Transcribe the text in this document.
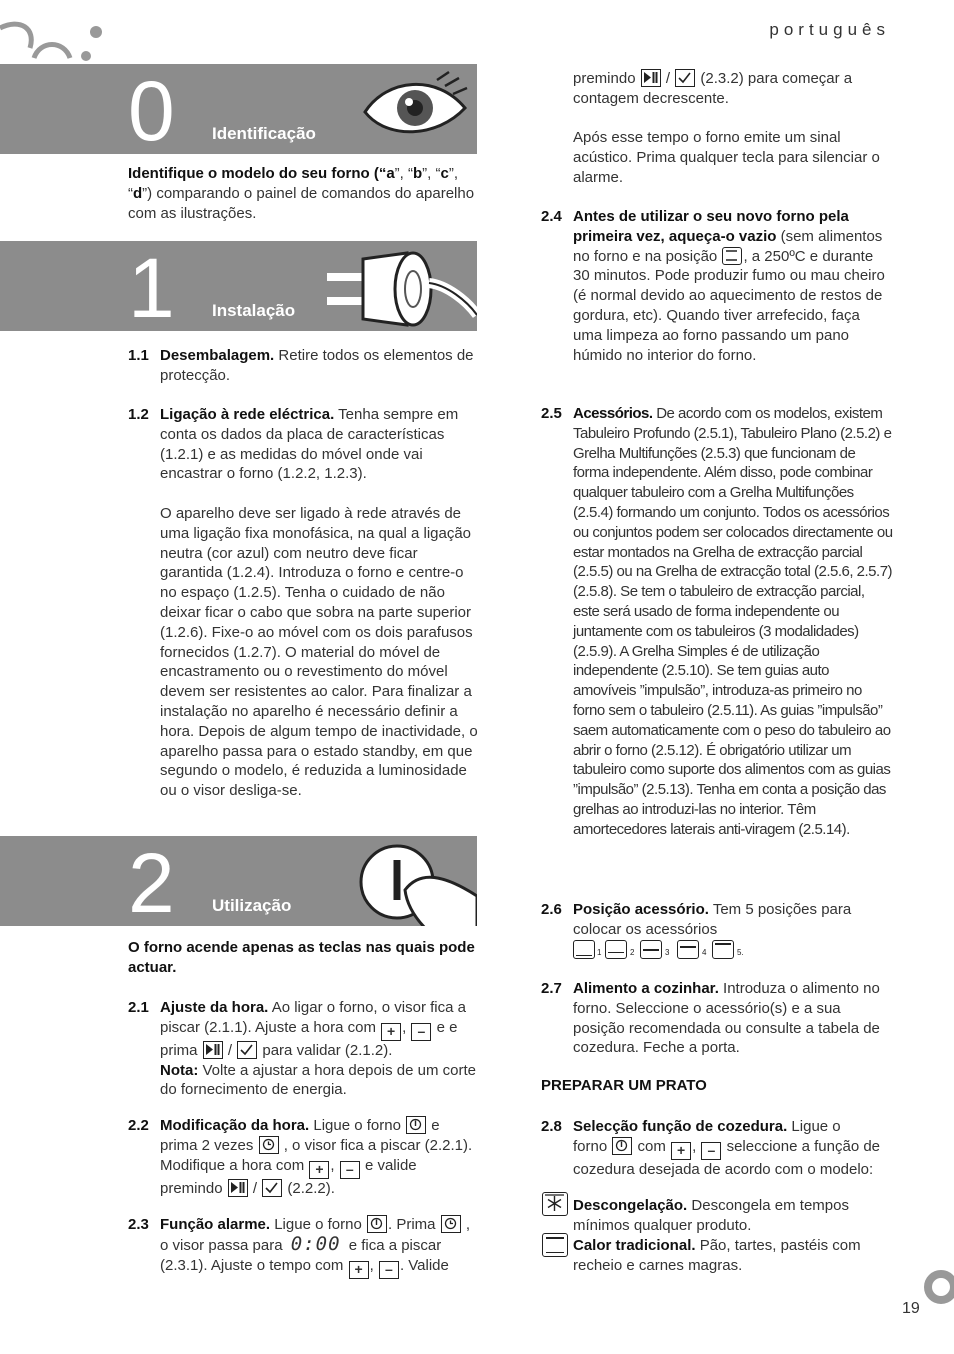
português
0 Identificação
Identifique o modelo do seu forno (“a”, “b”, “c”, “d”) comparando o painel de comandos do aparelho com as ilustrações.
1 Instalação
1.1 Desembalagem. Retire todos os elementos de protecção.
1.2 Ligação à rede eléctrica. Tenha sempre em conta os dados da placa de características (1.2.1) e as medidas do móvel onde vai encastrar o forno (1.2.2, 1.2.3).

O aparelho deve ser ligado à rede através de uma ligação fixa monofásica, na qual a ligação neutra (cor azul) com neutro deve ficar garantida (1.2.4). Introduza o forno e centre-o no espaço (1.2.5). Tenha o cuidado de não deixar ficar o cabo que sobra na parte superior (1.2.6). Fixe-o ao móvel com os dois parafusos fornecidos (1.2.7). O material do móvel de encastramento ou o revestimento do móvel devem ser resistentes ao calor. Para finalizar a instalação no aparelho é necessário definir a hora. Depois de algum tempo de inactividade, o aparelho passa para o estado standby, em que segundo o modelo, é reduzida a luminosidade ou o visor desliga-se.

2 Utilização
O forno acende apenas as teclas nas quais pode actuar.
2.1 Ajuste da hora. Ao ligar o forno, o visor fica a piscar (2.1.1). Ajuste a hora com + , – e e prima
/
para validar (2.1.2).
Nota: Volte a ajustar a hora depois de um corte do fornecimento de energia.
2.2 Modificação da hora. Ligue o forno e prima 2 vezes , o visor fica a piscar (2.2.1). Modifique a hora com + , – e valide premindo
/
(2.2.2).
2.3 Função alarme. Ligue o forno . Prima , o visor passa para 0:00 e fica a piscar (2.3.1). Ajuste o tempo com + , – . Valide

premindo
/
(2.3.2) para começar a contagem decrescente.

Após esse tempo o forno emite um sinal acústico. Prima qualquer tecla para silenciar o alarme.

2.4 Antes de utilizar o seu novo forno pela primeira vez, aqueça-o vazio (sem alimentos no forno e na posição , a 250ºC e durante 30 minutos. Pode produzir fumo ou mau cheiro (é normal devido ao aquecimento de restos de gordura, etc). Quando tiver arrefecido, faça uma limpeza ao forno passando um pano húmido no interior do forno.
2.5 Acessórios. De acordo com os modelos, existem Tabuleiro Profundo (2.5.1), Tabuleiro Plano (2.5.2) e Grelha Multifunções (2.5.3) que funcionam de forma independente. Além disso, pode combinar qualquer tabuleiro com a Grelha Multifunções (2.5.4) formando um conjunto. Todos os acessórios ou conjuntos podem ser colocados directamente ou estar montados na Grelha de extracção parcial (2.5.5) ou na Grelha de extracção total (2.5.6, 2.5.7) (2.5.8). Se tem o tabuleiro de extracção parcial, este será usado de forma independente ou juntamente com os tabuleiros (3 modalidades) (2.5.9). A Grelha Simples é de utilização independente (2.5.10). Se tem guias auto amovíveis ”impulsão”, introduza-as primeiro no forno sem o tabuleiro (2.5.11). As guias ”impulsão” saem automaticamente com o peso do tabuleiro ao abrir o forno (2.5.12). É obrigatório utilizar um tabuleiro como suporte dos alimentos com as guias ”impulsão” (2.5.13). Tenha em conta a posição das grelhas ao introduzi-las no interior. Têm amortecedores laterais anti-viragem (2.5.14).
2.6 Posição acessório. Tem 5 posições para colocar os acessórios
1	2	3	4	5.
2.7 Alimento a cozinhar. Introduza o alimento no forno. Seleccione o acessório(s) e a sua posição recomendada ou consulte a tabela de cozedura. Feche a porta.
PREPARAR UM PRATO
2.8 Selecção função de cozedura. Ligue o
forno com + , – seleccione a função de cozedura desejada de acordo com o modelo:
Descongelação. Descongela em tempos mínimos qualquer produto.
Calor tradicional. Pão, tartes, pastéis com recheio e carnes magras.
19
